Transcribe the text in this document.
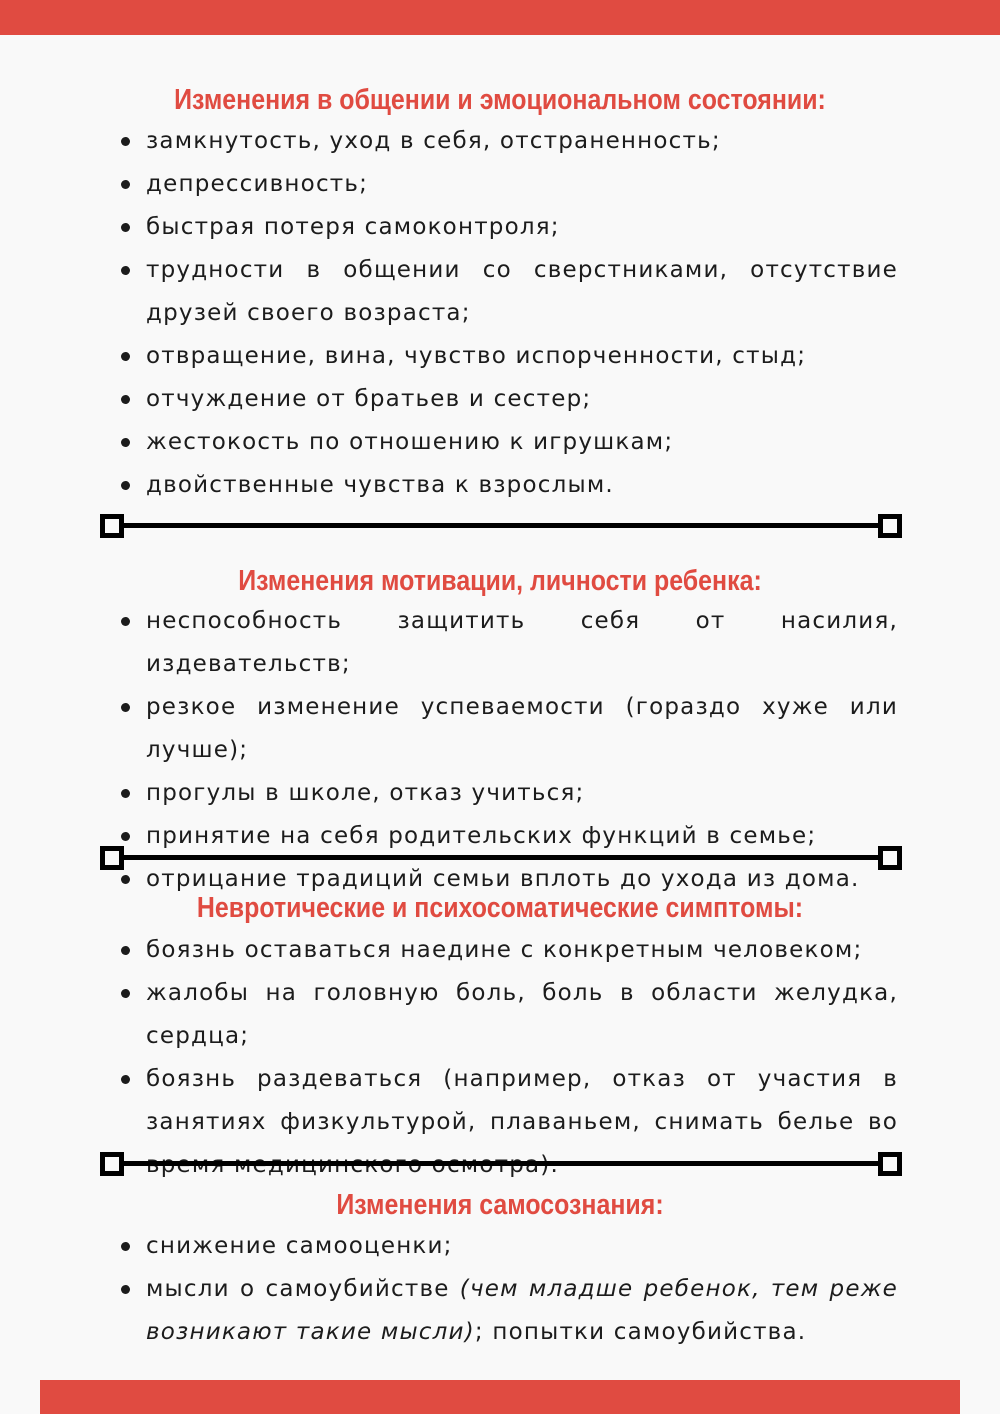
Изменения в общении и эмоциональном состоянии:
замкнутость, уход в себя, отстраненность;
депрессивность;
быстрая потеря самоконтроля;
трудности в общении со сверстниками, отсутствие друзей своего возраста;
отвращение, вина, чувство испорченности, стыд;
отчуждение от братьев и сестер;
жестокость по отношению к игрушкам;
двойственные чувства к взрослым.
Изменения мотивации, личности ребенка:
неспособность защитить себя от насилия, издевательств;
резкое изменение успеваемости (гораздо хуже или лучше);
прогулы в школе, отказ учиться;
принятие на себя родительских функций в семье;
отрицание традиций семьи вплоть до ухода из дома.
Невротические и психосоматические симптомы:
боязнь оставаться наедине с конкретным человеком;
жалобы на головную боль, боль в области желудка, сердца;
боязнь раздеваться (например, отказ от участия в занятиях физкультурой, плаваньем, снимать белье во
Изменения самосознания:
снижение самооценки;
мысли о самоубийстве (чем младше ребенок, тем реже возникают такие мысли); попытки самоубийства.
